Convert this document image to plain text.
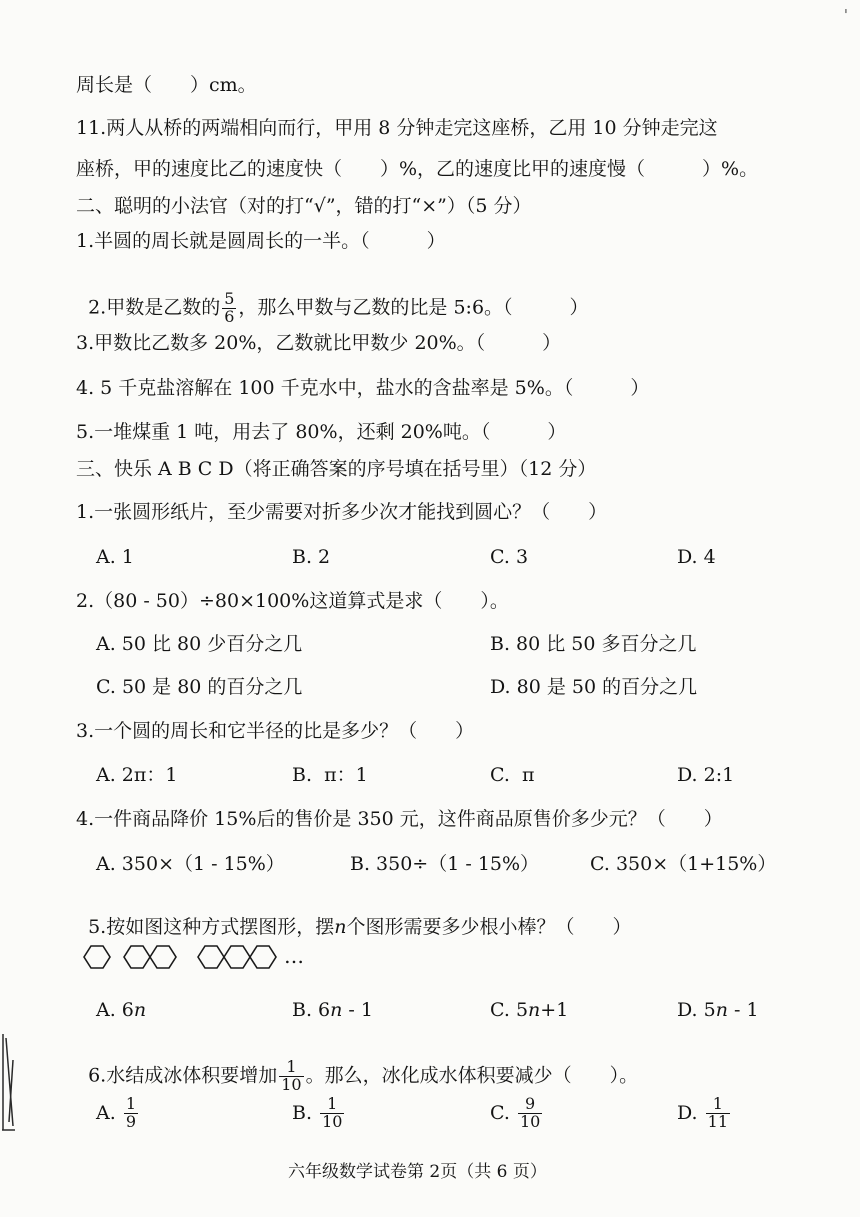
'
周长是（　　）cm。
11.两人从桥的两端相向而行，甲用 8 分钟走完这座桥，乙用 10 分钟走完这
座桥，甲的速度比乙的速度快（　　）%，乙的速度比甲的速度慢（　　　）%。
二、聪明的小法官（对的打“√”，错的打“×”）（5 分）
1.半圆的周长就是圆周长的一半。（　　　）

2.甲数是乙数的 $\frac{5}{6}$ ，那么甲数与乙数的比是 5:6。（　　　）

3.甲数比乙数多 20%，乙数就比甲数少 20%。（　　　）
4. 5 千克盐溶解在 100 千克水中，盐水的含盐率是 5%。（　　　）
5.一堆煤重 1 吨，用去了 80%，还剩 20%吨。（　　　）
三、快乐 A B C D（将正确答案的序号填在括号里）（12 分）
1.一张圆形纸片，至少需要对折多少次才能找到圆心？（　　）
A. 1	B. 2	C. 3	D. 4
2.（80 - 50）÷80×100%这道算式是求（　　）。
A. 50 比 80 少百分之几	B. 80 比 50 多百分之几
C. 50 是 80 的百分之几	D. 80 是 50 的百分之几
3.一个圆的周长和它半径的比是多少？（　　）
A. 2π：1	B.  π：1	C.  π	D. 2:1
4.一件商品降价 15%后的售价是 350 元，这件商品原售价多少元？（　　）
A. 350×（1 - 15%）	B. 350÷（1 - 15%）	C. 350×（1+15%）

5.按如图这种方式摆图形，摆n个图形需要多少根小棒？（　　）

…
A. 6n	B. 6n - 1	C. 5n+1	D. 5n - 1

6.水结成冰体积要增加 $\frac{1}{10}$ 。那么，冰化成水体积要减少（　　）。

A. $\frac{1}{9}$	B. $\frac{1}{10}$	C. $\frac{9}{10}$	D. $\frac{1}{11}$
六年级数学试卷第 2页（共 6 页）
